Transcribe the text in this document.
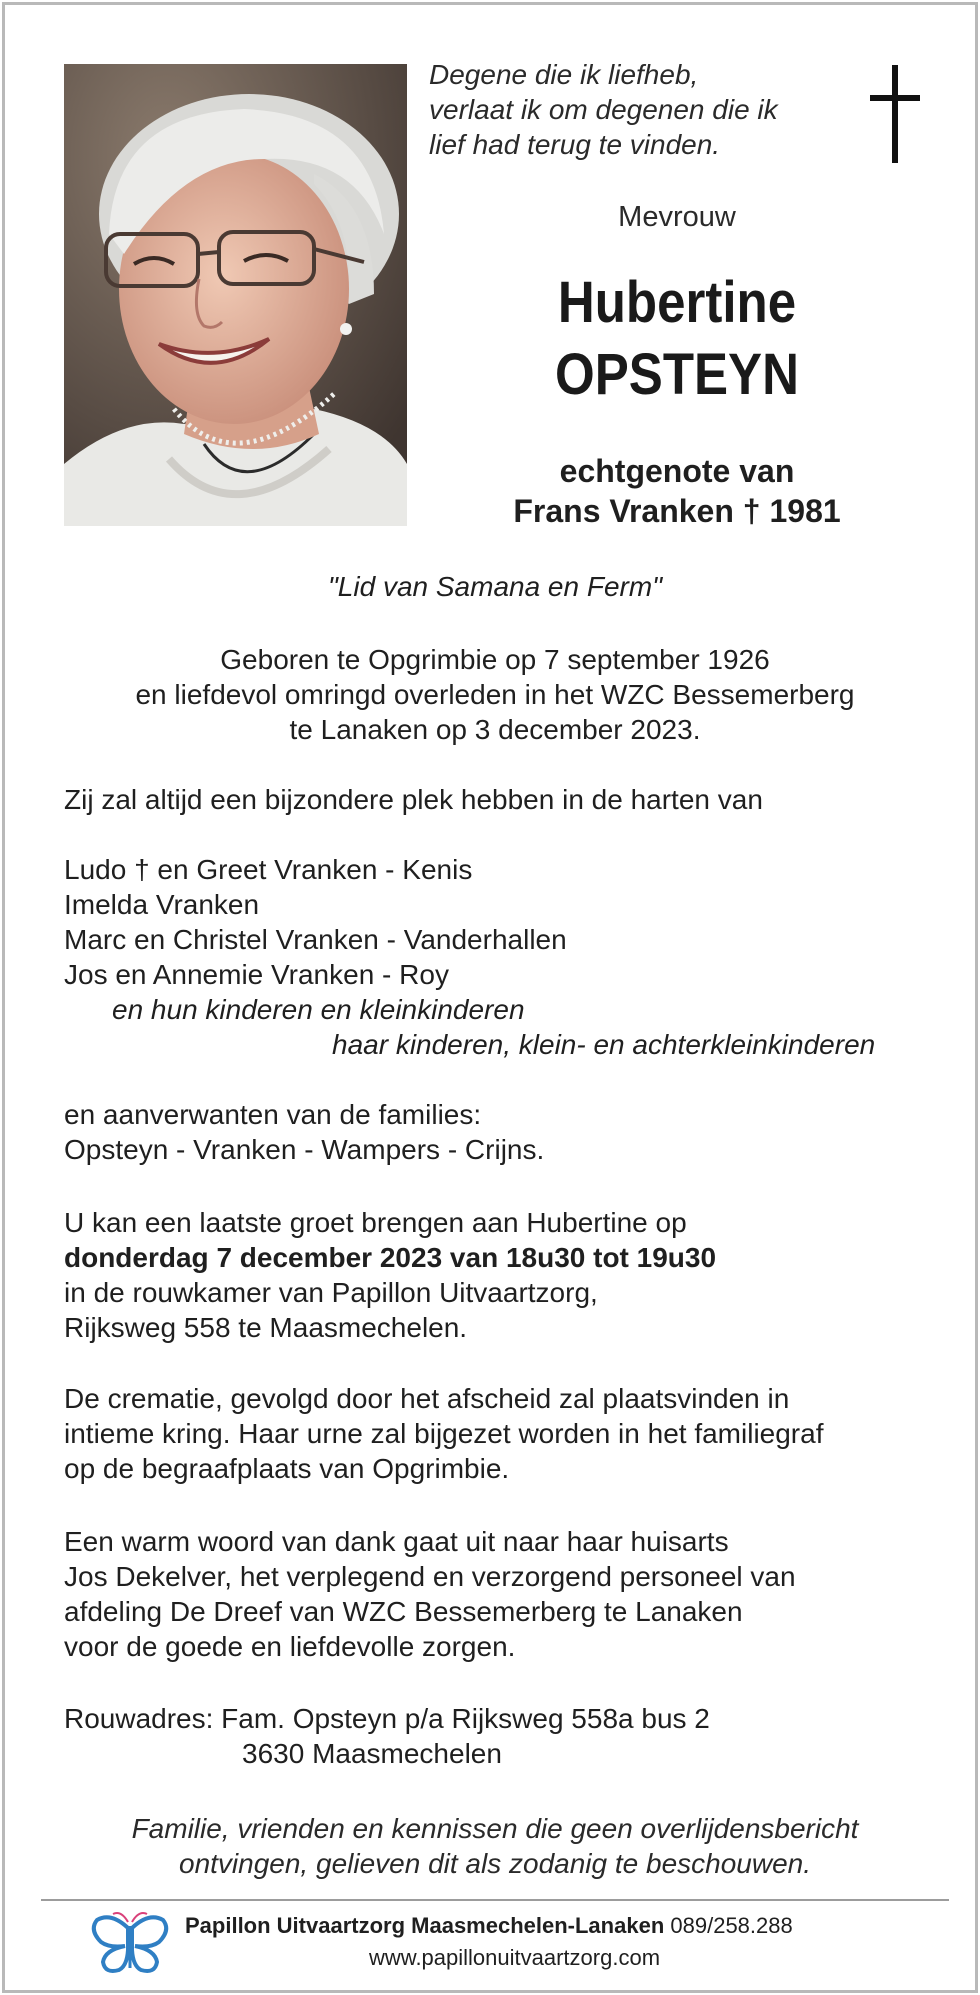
Degene die ik liefheb,
verlaat ik om degenen die ik
lief had terug te vinden.
Mevrouw
Hubertine
OPSTEYN
echtgenote van
Frans Vranken † 1981
"Lid van Samana en Ferm"
Geboren te Opgrimbie op 7 september 1926
en liefdevol omringd overleden in het WZC Bessemerberg
te Lanaken op 3 december 2023.
Zij zal altijd een bijzondere plek hebben in de harten van
Ludo † en Greet Vranken - Kenis
Imelda Vranken
Marc en Christel Vranken - Vanderhallen
Jos en Annemie Vranken - Roy
en hun kinderen en kleinkinderen
haar kinderen, klein- en achterkleinkinderen
en aanverwanten van de families:
Opsteyn - Vranken - Wampers - Crijns.
U kan een laatste groet brengen aan Hubertine op
donderdag 7 december 2023 van 18u30 tot 19u30
in de rouwkamer van Papillon Uitvaartzorg,
Rijksweg 558 te Maasmechelen.
De crematie, gevolgd door het afscheid zal plaatsvinden in
intieme kring. Haar urne zal bijgezet worden in het familiegraf
op de begraafplaats van Opgrimbie.
Een warm woord van dank gaat uit naar haar huisarts
Jos Dekelver, het verplegend en verzorgend personeel van
afdeling De Dreef van WZC Bessemerberg te Lanaken
voor de goede en liefdevolle zorgen.
Rouwadres: Fam. Opsteyn p/a Rijksweg 558a bus 2
3630 Maasmechelen
Familie, vrienden en kennissen die geen overlijdensbericht
ontvingen, gelieven dit als zodanig te beschouwen.
Papillon Uitvaartzorg Maasmechelen-Lanaken 089/258.288
www.papillonuitvaartzorg.com
